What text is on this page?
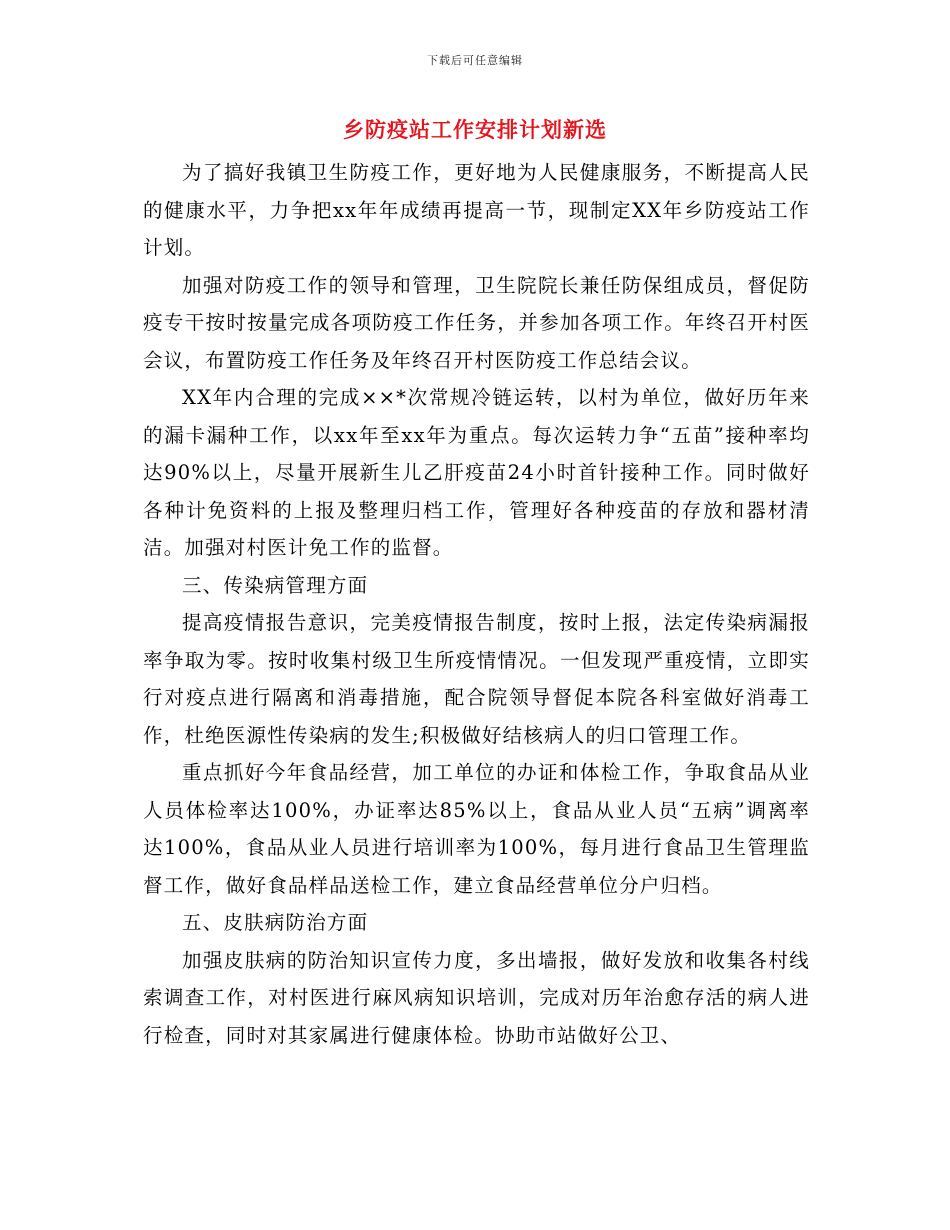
下载后可任意编辑
乡防疫站工作安排计划新选

为了搞好我镇卫生防疫工作，更好地为人民健康服务，不断提高人民的健康水平，力争把xx年年成绩再提高一节，现制定XX年乡防疫站工作计划。

加强对防疫工作的领导和管理，卫生院院长兼任防保组成员，督促防疫专干按时按量完成各项防疫工作任务，并参加各项工作。年终召开村医会议，布置防疫工作任务及年终召开村医防疫工作总结会议。

XX年内合理的完成××*次常规冷链运转，以村为单位，做好历年来的漏卡漏种工作，以xx年至xx年为重点。每次运转力争“五苗”接种率均达90%以上，尽量开展新生儿乙肝疫苗24小时首针接种工作。同时做好各种计免资料的上报及整理归档工作，管理好各种疫苗的存放和器材清洁。加强对村医计免工作的监督。

三、传染病管理方面

提高疫情报告意识，完美疫情报告制度，按时上报，法定传染病漏报率争取为零。按时收集村级卫生所疫情情况。一但发现严重疫情，立即实行对疫点进行隔离和消毒措施，配合院领导督促本院各科室做好消毒工作，杜绝医源性传染病的发生;积极做好结核病人的归口管理工作。

重点抓好今年食品经营，加工单位的办证和体检工作，争取食品从业人员体检率达100%，办证率达85%以上，食品从业人员“五病”调离率达100%，食品从业人员进行培训率为100%，每月进行食品卫生管理监督工作，做好食品样品送检工作，建立食品经营单位分户归档。

五、皮肤病防治方面

加强皮肤病的防治知识宣传力度，多出墙报，做好发放和收集各村线索调查工作，对村医进行麻风病知识培训，完成对历年治愈存活的病人进行检查，同时对其家属进行健康体检。协助市站做好公卫、
